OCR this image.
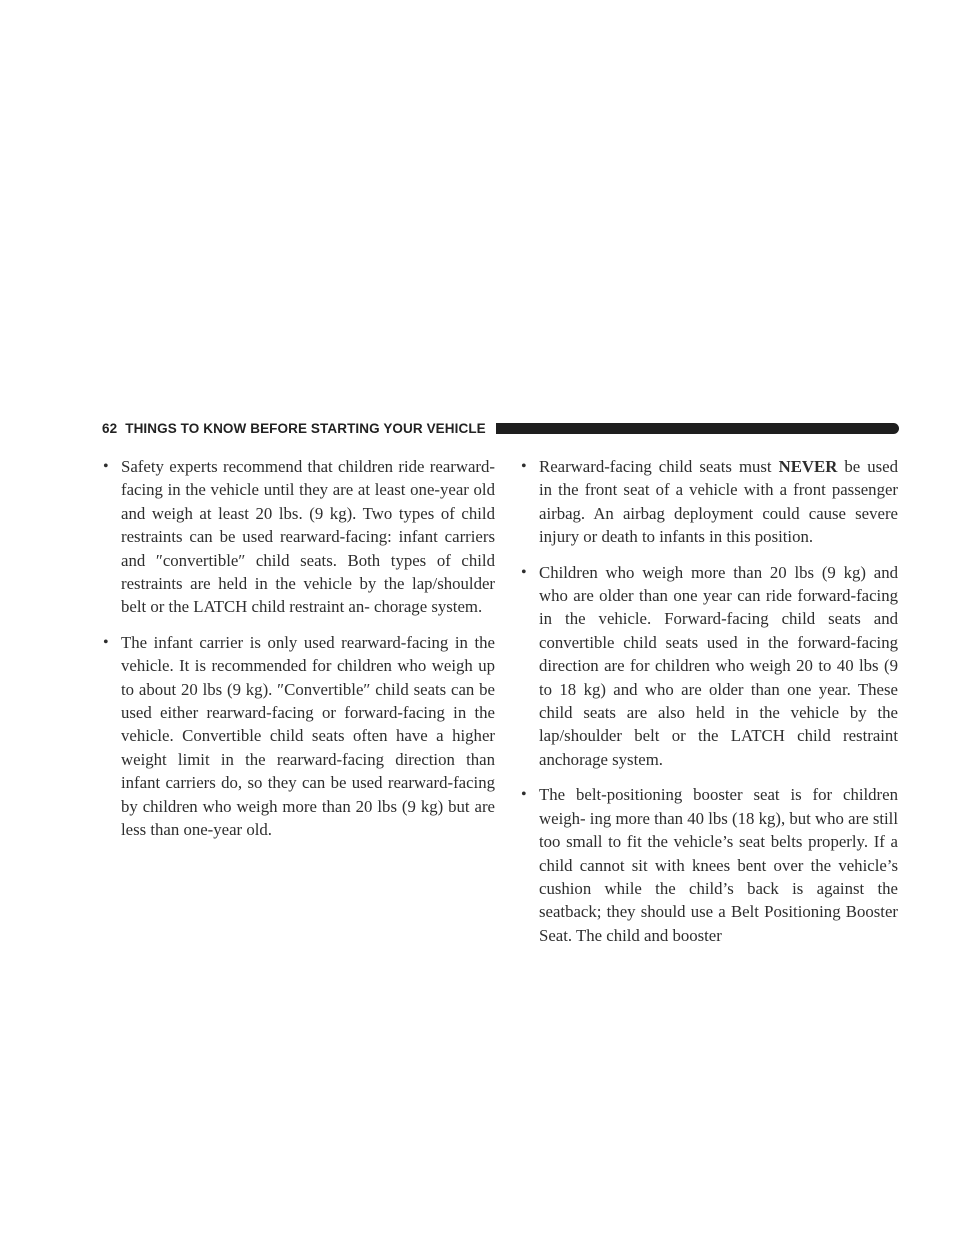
62 THINGS TO KNOW BEFORE STARTING YOUR VEHICLE
• Safety experts recommend that children ride rearward-facing in the vehicle until they are at least one-year old and weigh at least 20 lbs. (9 kg). Two types of child restraints can be used rearward-facing: infant carriers and ″convertible″ child seats. Both types of child restraints are held in the vehicle by the lap/shoulder belt or the LATCH child restraint an- chorage system.
• The infant carrier is only used rearward-facing in the vehicle. It is recommended for children who weigh up to about 20 lbs (9 kg). ″Convertible″ child seats can be used either rearward-facing or forward-facing in the vehicle. Convertible child seats often have a higher weight limit in the rearward-facing direction than infant carriers do, so they can be used rearward-facing by children who weigh more than 20 lbs (9 kg) but are less than one-year old.
• Rearward-facing child seats must NEVER be used in the front seat of a vehicle with a front passenger airbag. An airbag deployment could cause severe injury or death to infants in this position.
• Children who weigh more than 20 lbs (9 kg) and who are older than one year can ride forward-facing in the vehicle. Forward-facing child seats and convertible child seats used in the forward-facing direction are for children who weigh 20 to 40 lbs (9 to 18 kg) and who are older than one year. These child seats are also held in the vehicle by the lap/shoulder belt or the LATCH child restraint anchorage system.
• The belt-positioning booster seat is for children weigh- ing more than 40 lbs (18 kg), but who are still too small to fit the vehicle’s seat belts properly. If a child cannot sit with knees bent over the vehicle’s cushion while the child’s back is against the seatback; they should use a Belt Positioning Booster Seat. The child and booster
